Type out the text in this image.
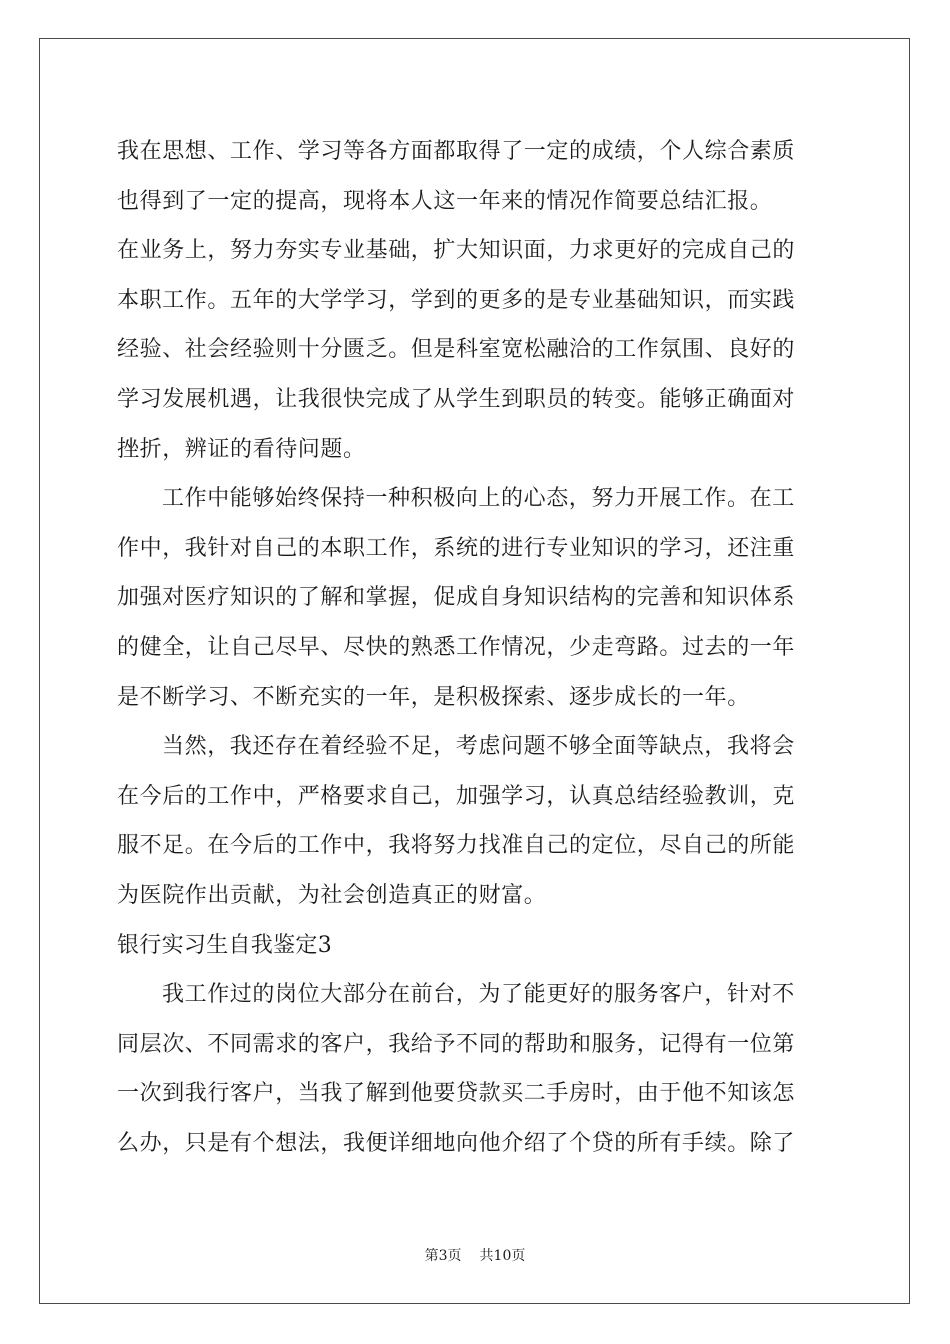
我在思想、工作、学习等各方面都取得了一定的成绩，个人综合素质
也得到了一定的提高，现将本人这一年来的情况作简要总结汇报。
在业务上，努力夯实专业基础，扩大知识面，力求更好的完成自己的
本职工作。五年的大学学习，学到的更多的是专业基础知识，而实践
经验、社会经验则十分匮乏。但是科室宽松融洽的工作氛围、良好的
学习发展机遇，让我很快完成了从学生到职员的转变。能够正确面对
挫折，辨证的看待问题。
工作中能够始终保持一种积极向上的心态，努力开展工作。在工
作中，我针对自己的本职工作，系统的进行专业知识的学习，还注重
加强对医疗知识的了解和掌握，促成自身知识结构的完善和知识体系
的健全，让自己尽早、尽快的熟悉工作情况，少走弯路。过去的一年
是不断学习、不断充实的一年，是积极探索、逐步成长的一年。
当然，我还存在着经验不足，考虑问题不够全面等缺点，我将会
在今后的工作中，严格要求自己，加强学习，认真总结经验教训，克
服不足。在今后的工作中，我将努力找准自己的定位，尽自己的所能
为医院作出贡献，为社会创造真正的财富。
银行实习生自我鉴定3
我工作过的岗位大部分在前台，为了能更好的服务客户，针对不
同层次、不同需求的客户，我给予不同的帮助和服务，记得有一位第
一次到我行客户，当我了解到他要贷款买二手房时，由于他不知该怎
么办，只是有个想法，我便详细地向他介绍了个贷的所有手续。除了
第3页 共10页
